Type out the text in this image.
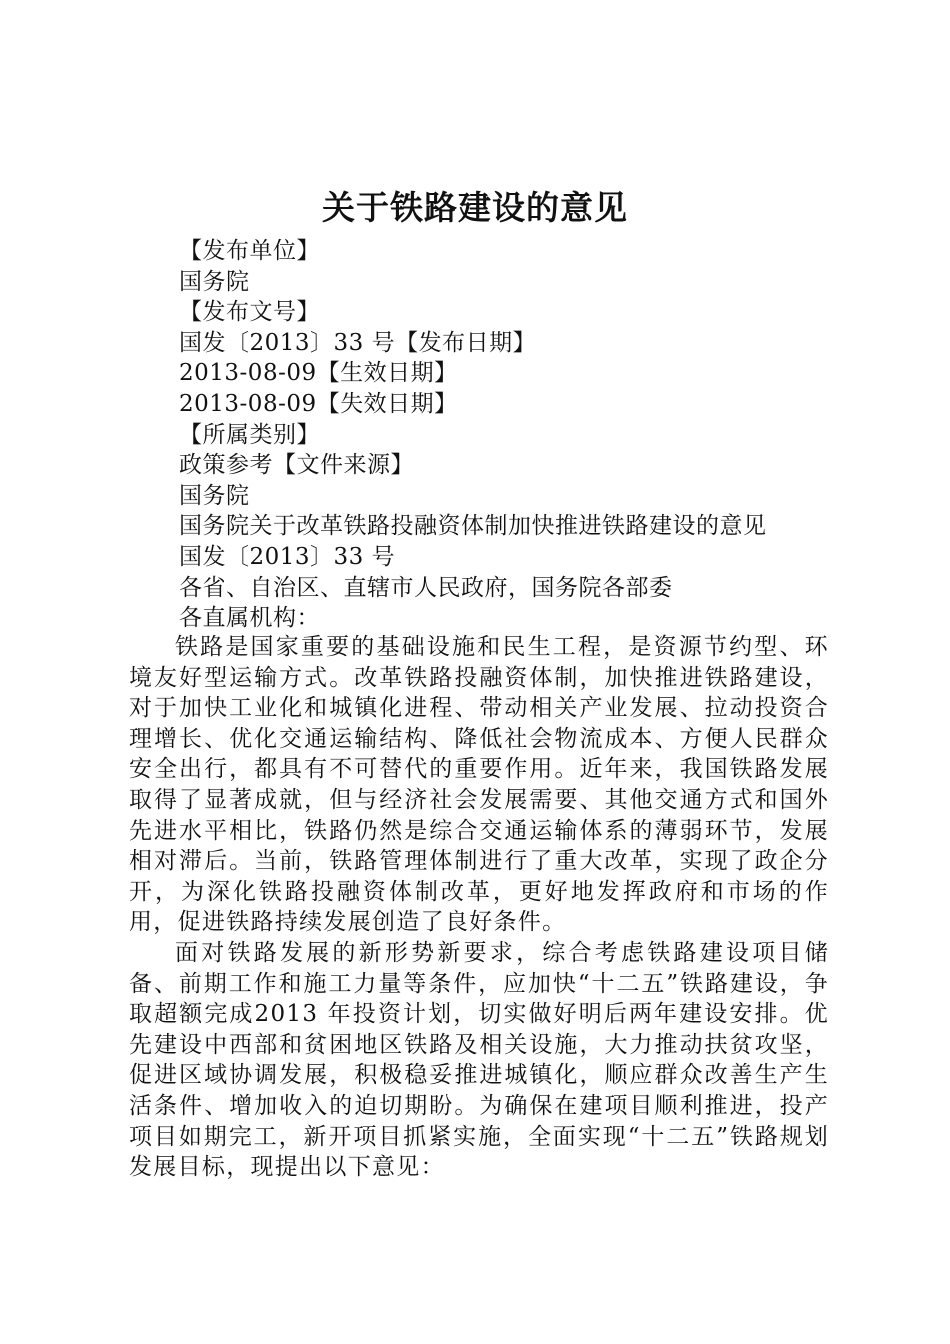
关于铁路建设的意见
【发布单位】
国务院
【发布文号】
国发〔2013〕33 号【发布日期】
2013-08-09【生效日期】
2013-08-09【失效日期】
【所属类别】
政策参考【文件来源】
国务院
国务院关于改革铁路投融资体制加快推进铁路建设的意见
国发〔2013〕33 号
各省、自治区、直辖市人民政府，国务院各部委
各直属机构：

铁路是国家重要的基础设施和民生工程，是资源节约型、环境友好型运输方式。改革铁路投融资体制，加快推进铁路建设，对于加快工业化和城镇化进程、带动相关产业发展、拉动投资合理增长、优化交通运输结构、降低社会物流成本、方便人民群众安全出行，都具有不可替代的重要作用。近年来，我国铁路发展取得了显著成就，但与经济社会发展需要、其他交通方式和国外先进水平相比，铁路仍然是综合交通运输体系的薄弱环节，发展相对滞后。当前，铁路管理体制进行了重大改革，实现了政企分开，为深化铁路投融资体制改革，更好地发挥政府和市场的作用，促进铁路持续发展创造了良好条件。

面对铁路发展的新形势新要求，综合考虑铁路建设项目储备、前期工作和施工力量等条件，应加快“十二五”铁路建设，争取超额完成2013 年投资计划，切实做好明后两年建设安排。优先建设中西部和贫困地区铁路及相关设施，大力推动扶贫攻坚，促进区域协调发展，积极稳妥推进城镇化，顺应群众改善生产生活条件、增加收入的迫切期盼。为确保在建项目顺利推进，投产项目如期完工，新开项目抓紧实施，全面实现“十二五”铁路规划发展目标，现提出以下意见：
